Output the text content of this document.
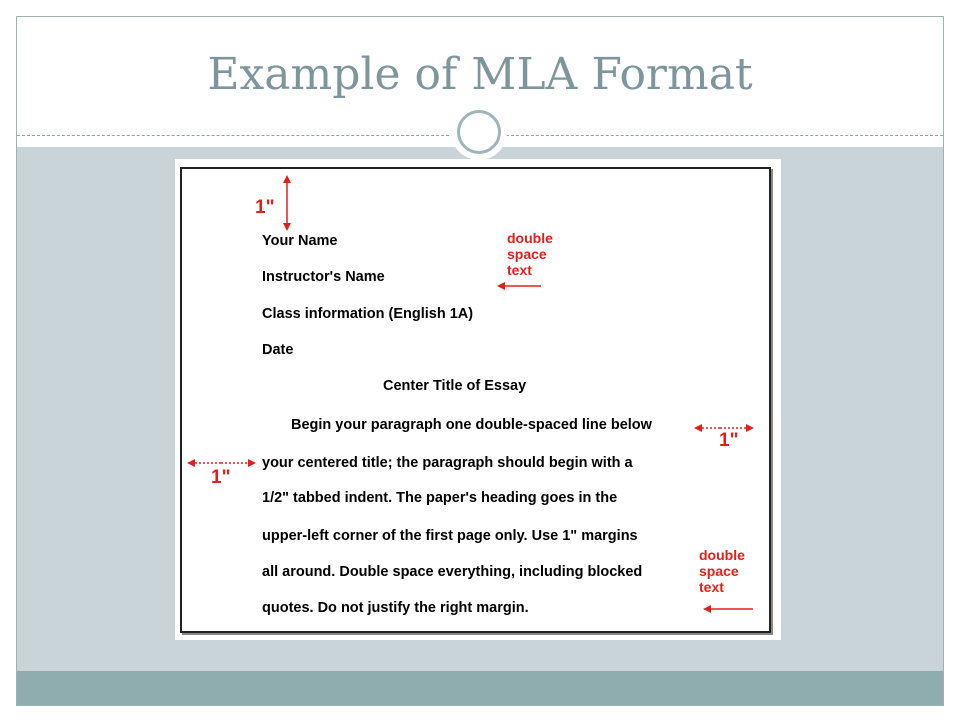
Example of MLA Format
1"
double
space
text
1"
1"
double
space
text
Your Name
Instructor's Name
Class information (English 1A)
Date
Center Title of Essay
Begin your paragraph one double-spaced line below
your centered title; the paragraph should begin with a
1/2" tabbed indent. The paper's heading goes in the
upper-left corner of the first page only. Use 1" margins
all around. Double space everything, including blocked
quotes. Do not justify the right margin.
